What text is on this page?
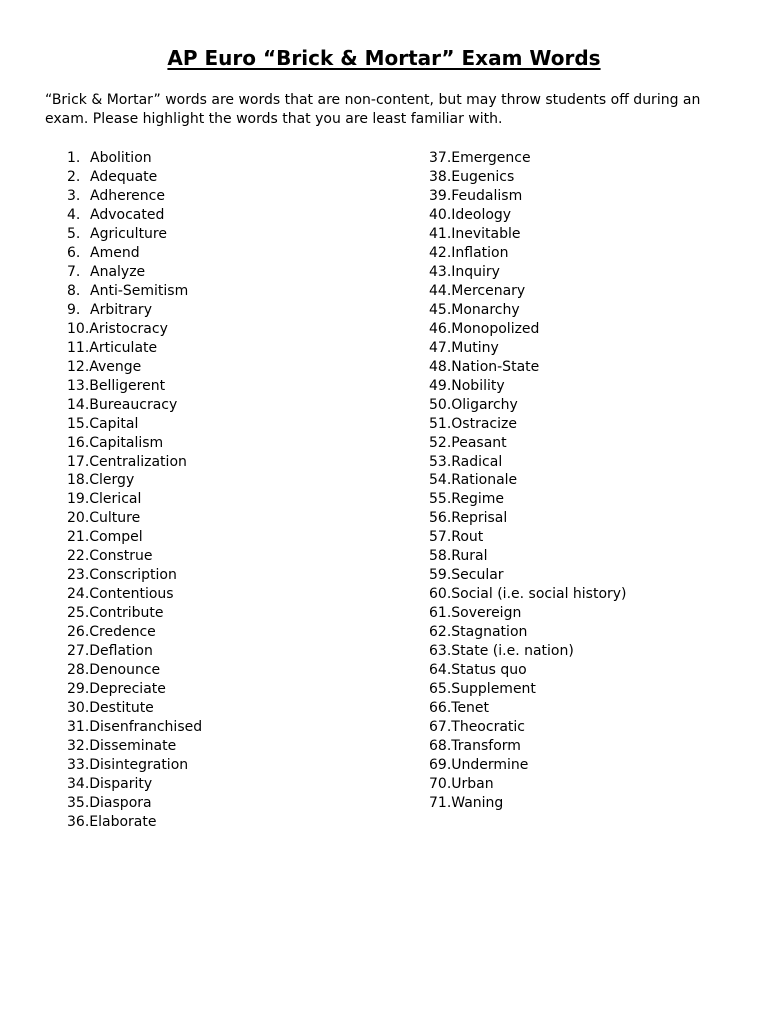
AP Euro “Brick & Mortar” Exam Words
“Brick & Mortar” words are words that are non-content, but may throw students off during an exam. Please highlight the words that you are least familiar with.
1. Abolition
2. Adequate
3. Adherence
4. Advocated
5. Agriculture
6. Amend
7. Analyze
8. Anti-Semitism
9. Arbitrary
10. Aristocracy
11. Articulate
12. Avenge
13. Belligerent
14. Bureaucracy
15. Capital
16. Capitalism
17. Centralization
18. Clergy
19. Clerical
20. Culture
21. Compel
22. Construe
23. Conscription
24. Contentious
25. Contribute
26. Credence
27. Deflation
28. Denounce
29. Depreciate
30. Destitute
31. Disenfranchised
32. Disseminate
33. Disintegration
34. Disparity
35. Diaspora
36. Elaborate
37. Emergence
38. Eugenics
39. Feudalism
40. Ideology
41. Inevitable
42. Inflation
43. Inquiry
44. Mercenary
45. Monarchy
46. Monopolized
47. Mutiny
48. Nation-State
49. Nobility
50. Oligarchy
51. Ostracize
52. Peasant
53. Radical
54. Rationale
55. Regime
56. Reprisal
57. Rout
58. Rural
59. Secular
60. Social (i.e. social history)
61. Sovereign
62. Stagnation
63. State (i.e. nation)
64. Status quo
65. Supplement
66. Tenet
67. Theocratic
68. Transform
69. Undermine
70. Urban
71. Waning
